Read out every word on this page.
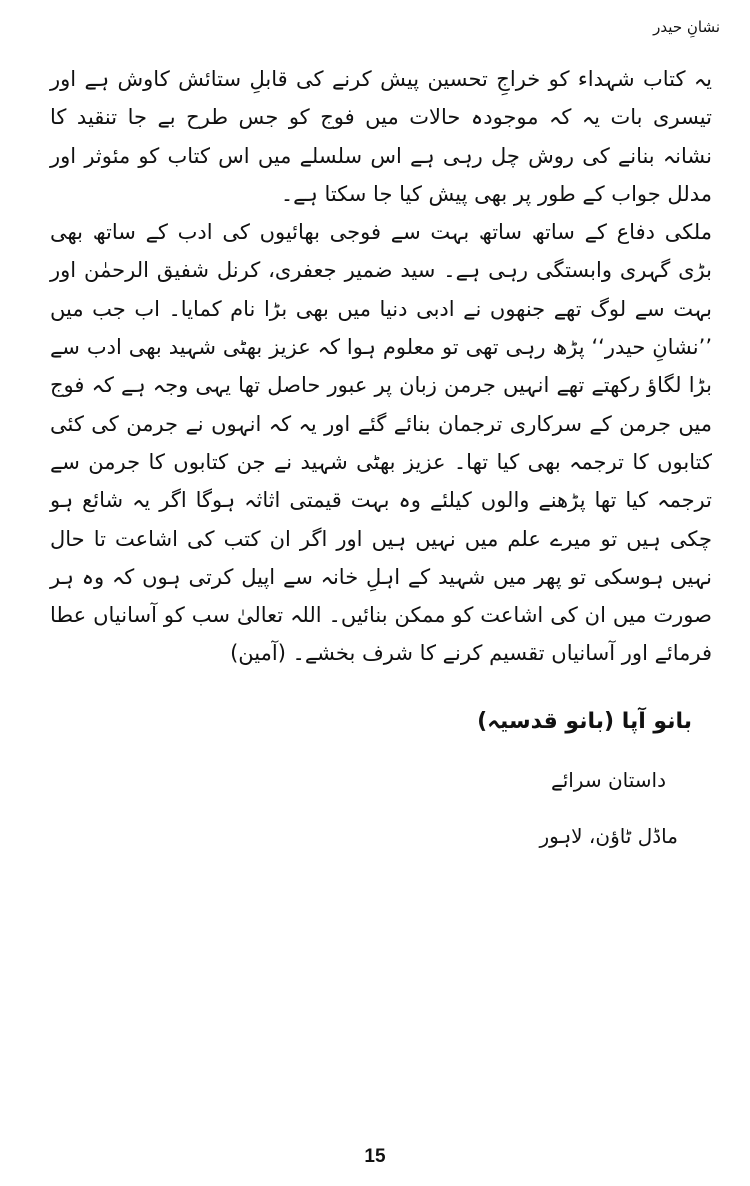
نشانِ حیدر

یہ کتاب شہداء کو خراجِ تحسین پیش کرنے کی قابلِ ستائش کاوش ہے اور تیسری بات یہ کہ موجودہ حالات میں فوج کو جس طرح بے جا تنقید کا نشانہ بنانے کی روش چل رہی ہے اس سلسلے میں اس کتاب کو مئوثر اور مدلل جواب کے طور پر بھی پیش کیا جا سکتا ہے۔

ملکی دفاع کے ساتھ ساتھ بہت سے فوجی بھائیوں کی ادب کے ساتھ بھی بڑی گہری وابستگی رہی ہے۔ سید ضمیر جعفری، کرنل شفیق الرحمٰن اور بہت سے لوگ تھے جنھوں نے ادبی دنیا میں بھی بڑا نام کمایا۔ اب جب میں ’’نشانِ حیدر‘‘ پڑھ رہی تھی تو معلوم ہوا کہ عزیز بھٹی شہید بھی ادب سے بڑا لگاؤ رکھتے تھے انہیں جرمن زبان پر عبور حاصل تھا یہی وجہ ہے کہ فوج میں جرمن کے سرکاری ترجمان بنائے گئے اور یہ کہ انہوں نے جرمن کی کئی کتابوں کا ترجمہ بھی کیا تھا۔ عزیز بھٹی شہید نے جن کتابوں کا جرمن سے ترجمہ کیا تھا پڑھنے والوں کیلئے وہ بہت قیمتی اثاثہ ہوگا اگر یہ شائع ہو چکی ہیں تو میرے علم میں نہیں ہیں اور اگر ان کتب کی اشاعت تا حال نہیں ہوسکی تو پھر میں شہید کے اہلِ خانہ سے اپیل کرتی ہوں کہ وہ ہر صورت میں ان کی اشاعت کو ممکن بنائیں۔ اللہ تعالیٰ سب کو آسانیاں عطا فرمائے اور آسانیاں تقسیم کرنے کا شرف بخشے۔ (آمین)

بانو آپا (بانو قدسیہ)

داستان سرائے

ماڈل ٹاؤن، لاہور

15
